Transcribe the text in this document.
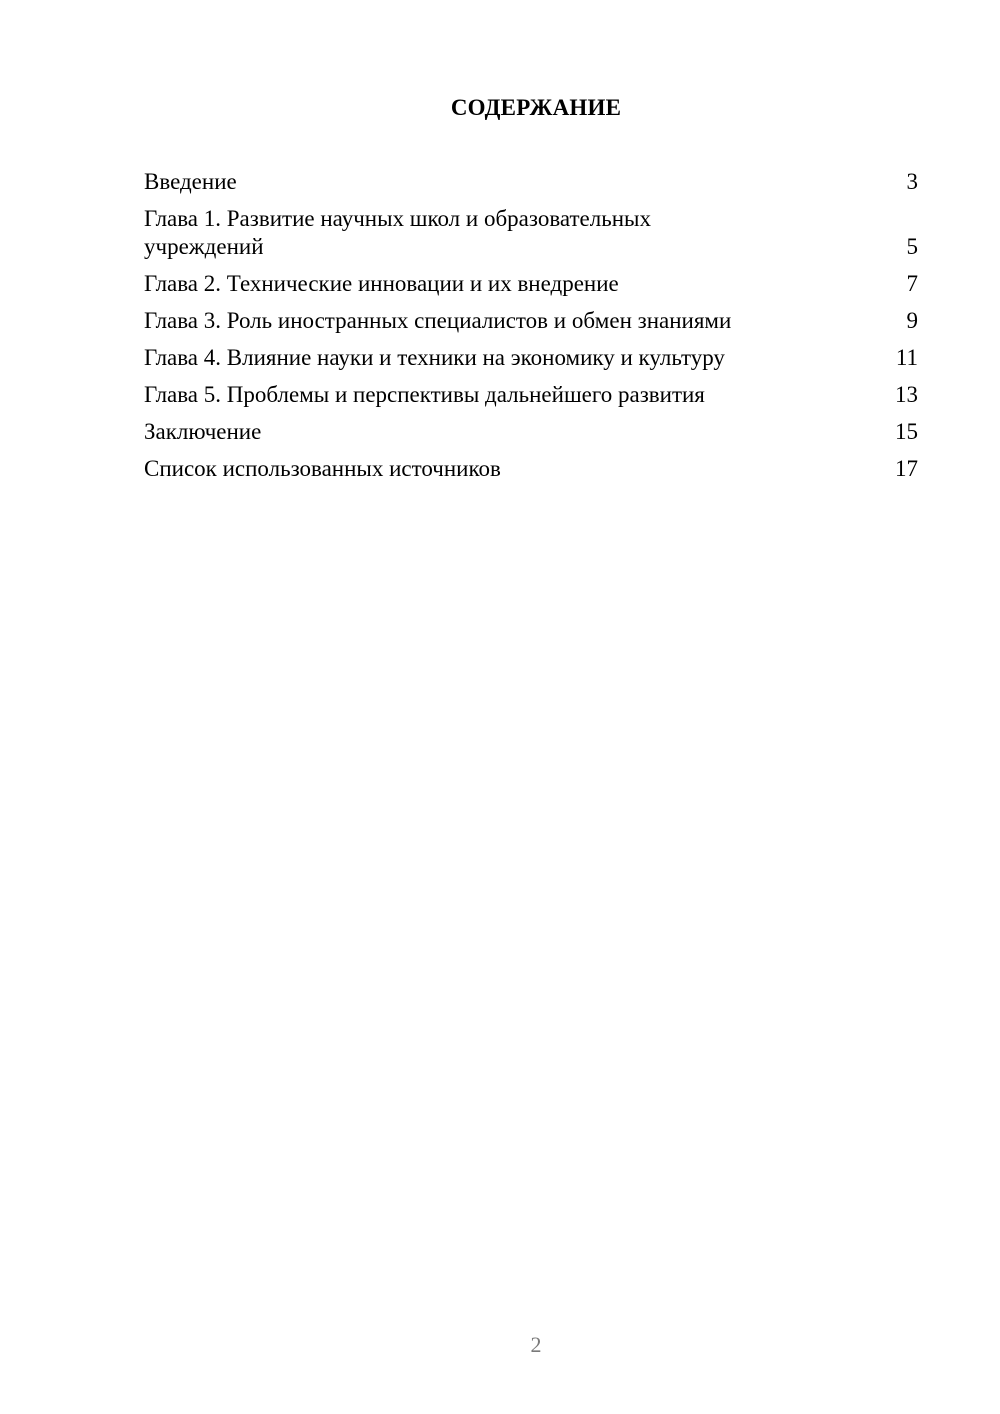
СОДЕРЖАНИЕ
Введение	3
Глава 1. Развитие научных школ и образовательных учреждений	5
Глава 2. Технические инновации и их внедрение	7
Глава 3. Роль иностранных специалистов и обмен знаниями	9
Глава 4. Влияние науки и техники на экономику и культуру	11
Глава 5. Проблемы и перспективы дальнейшего развития	13
Заключение	15
Список использованных источников	17
2
